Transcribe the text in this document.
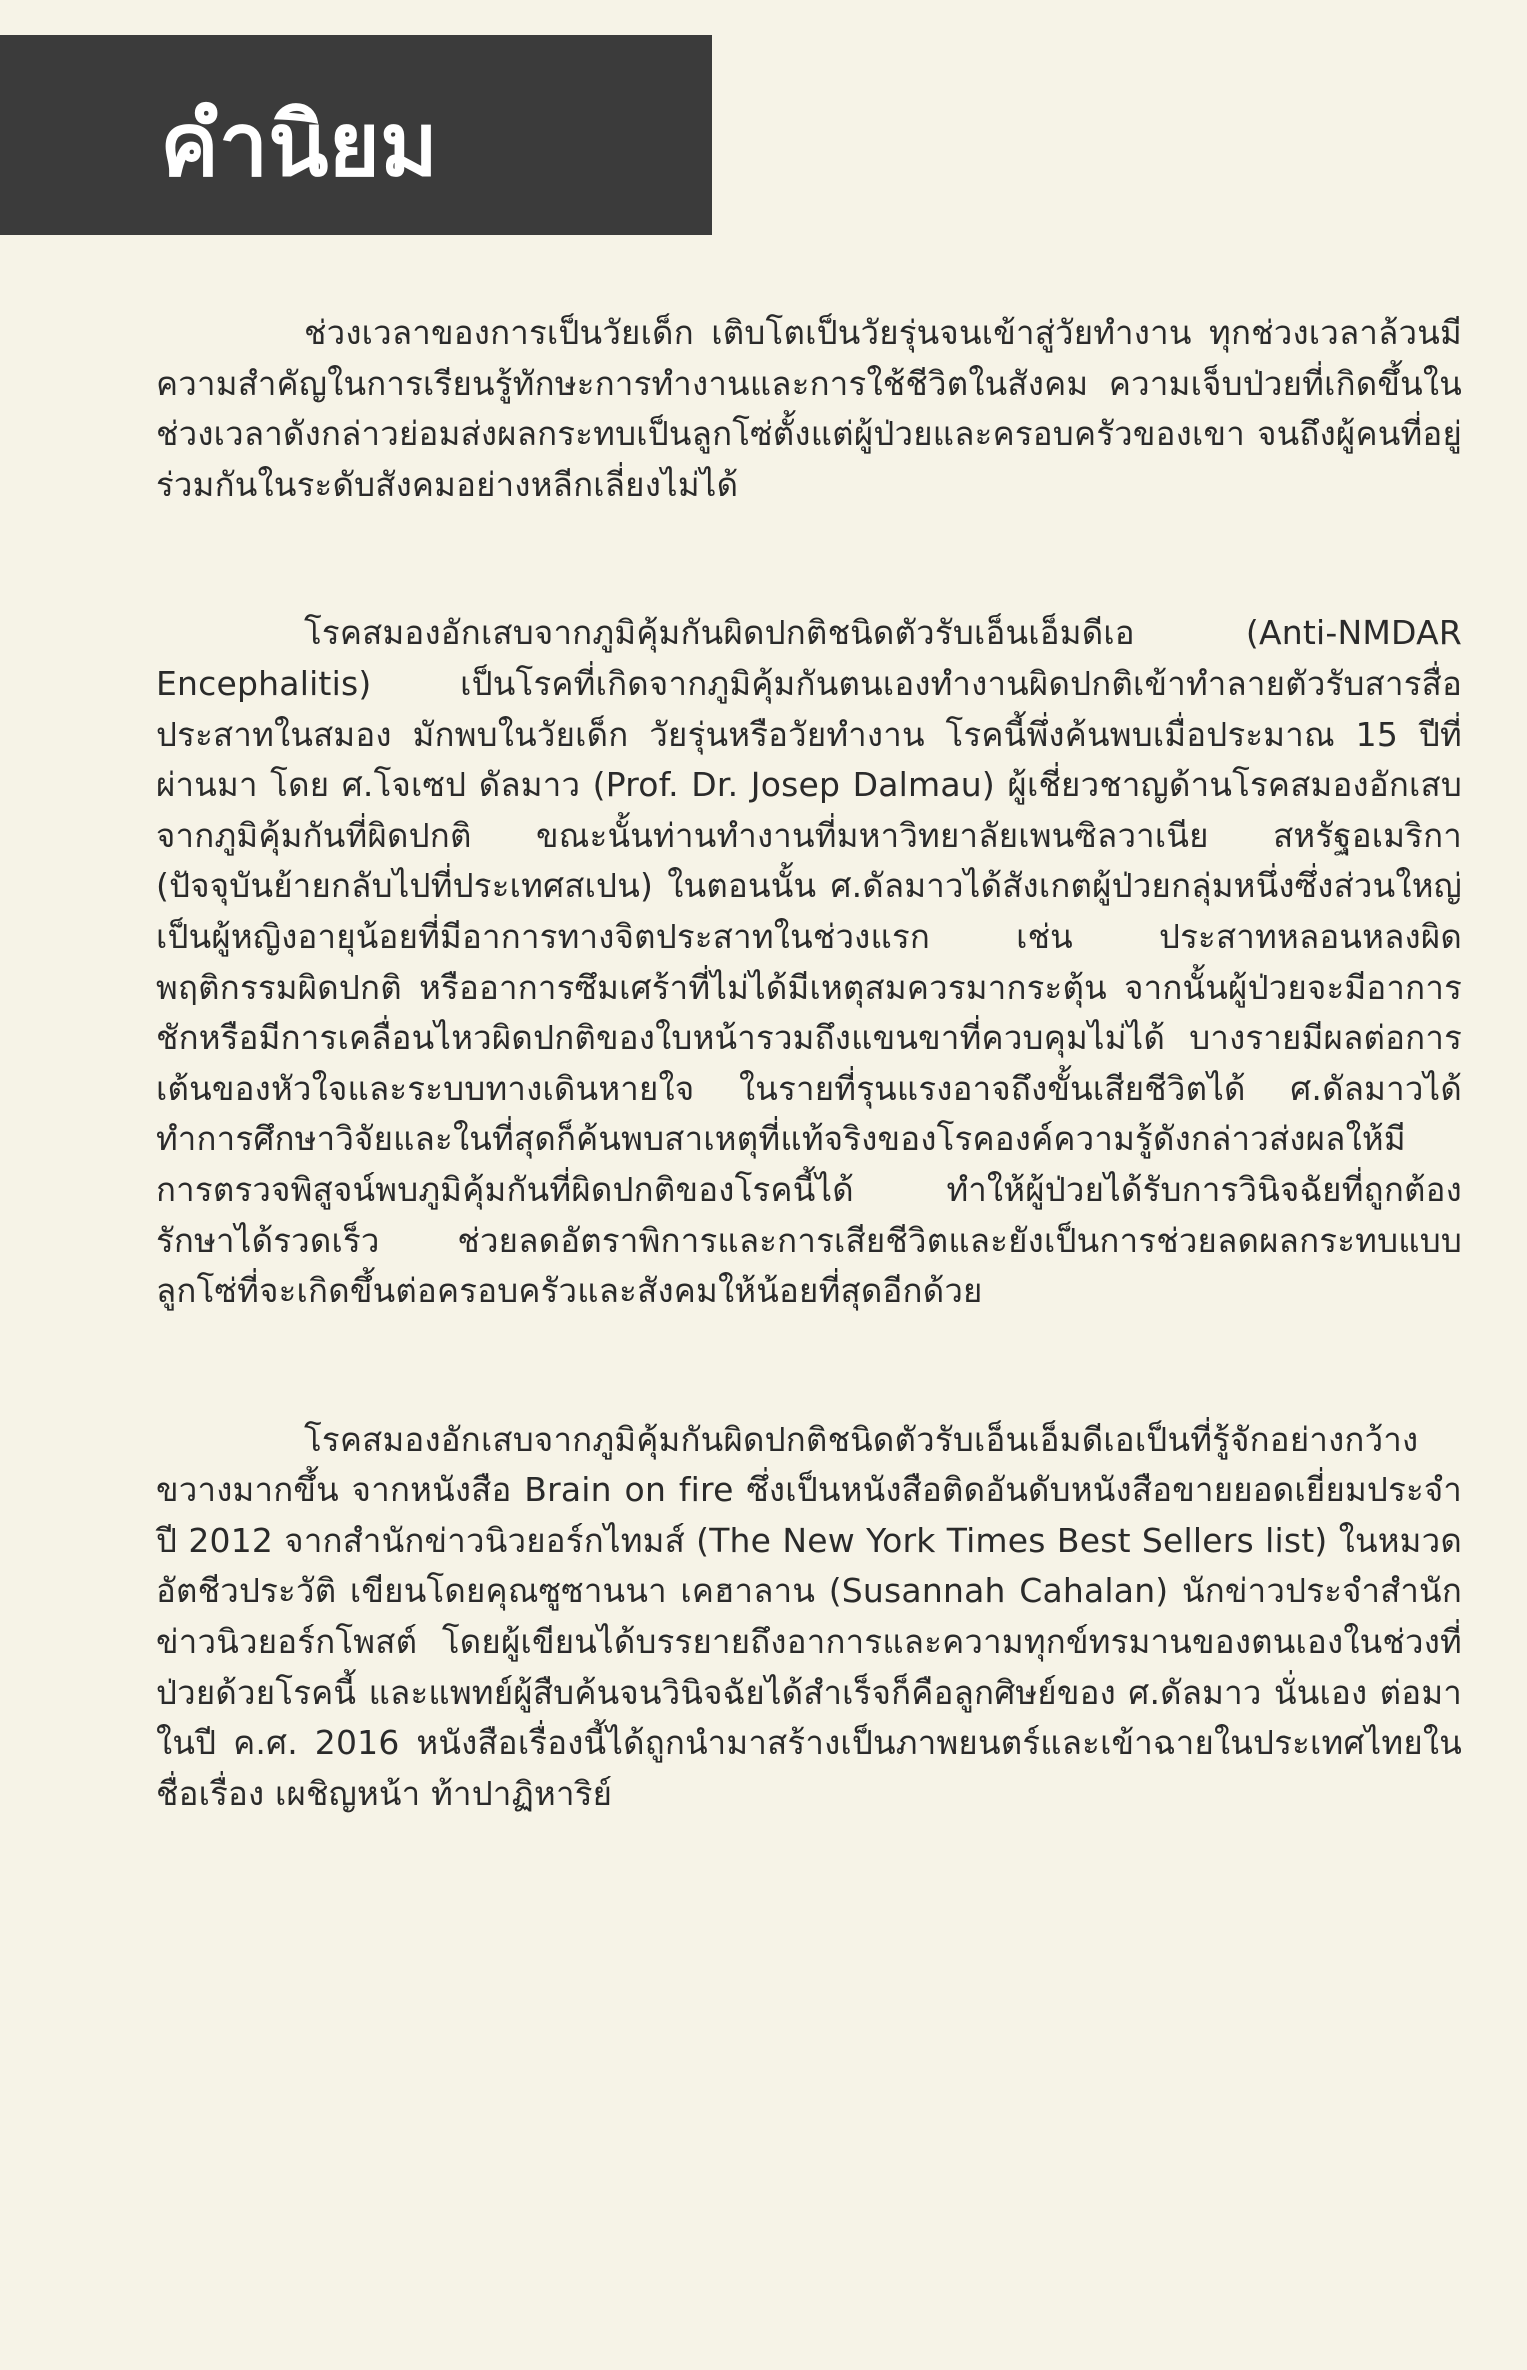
คำนิยม

ช่วงเวลาของการเป็นวัยเด็ก เติบโตเป็นวัยรุ่นจนเข้าสู่วัยทำงาน ทุกช่วงเวลาล้วนมีความสำคัญในการเรียนรู้ทักษะการทำงานและการใช้ชีวิตในสังคม ความเจ็บป่วยที่เกิดขึ้นในช่วงเวลาดังกล่าวย่อมส่งผลกระทบเป็นลูกโซ่ตั้งแต่ผู้ป่วยและครอบครัวของเขา จนถึงผู้คนที่อยู่ร่วมกันในระดับสังคมอย่างหลีกเลี่ยงไม่ได้

โรคสมองอักเสบจากภูมิคุ้มกันผิดปกติชนิดตัวรับเอ็นเอ็มดีเอ (Anti-NMDAR Encephalitis) เป็นโรคที่เกิดจากภูมิคุ้มกันตนเองทำงานผิดปกติเข้าทำลายตัวรับสารสื่อประสาทในสมอง มักพบในวัยเด็ก วัยรุ่นหรือวัยทำงาน โรคนี้พึ่งค้นพบเมื่อประมาณ 15 ปีที่ผ่านมา โดย ศ.โจเซป ดัลมาว (Prof. Dr. Josep Dalmau) ผู้เชี่ยวชาญด้านโรคสมองอักเสบจากภูมิคุ้มกันที่ผิดปกติ ขณะนั้นท่านทำงานที่มหาวิทยาลัยเพนซิลวาเนีย สหรัฐอเมริกา (ปัจจุบันย้ายกลับไปที่ประเทศสเปน) ในตอนนั้น ศ.ดัลมาวได้สังเกตผู้ป่วยกลุ่มหนึ่งซึ่งส่วนใหญ่เป็นผู้หญิงอายุน้อยที่มีอาการทางจิตประสาทในช่วงแรก เช่น ประสาทหลอนหลงผิด พฤติกรรมผิดปกติ หรืออาการซึมเศร้าที่ไม่ได้มีเหตุสมควรมากระตุ้น จากนั้นผู้ป่วยจะมีอาการชักหรือมีการเคลื่อนไหวผิดปกติของใบหน้ารวมถึงแขนขาที่ควบคุมไม่ได้ บางรายมีผลต่อการเต้นของหัวใจและระบบทางเดินหายใจ ในรายที่รุนแรงอาจถึงขั้นเสียชีวิตได้ ศ.ดัลมาวได้ทำการศึกษาวิจัยและในที่สุดก็ค้นพบสาเหตุที่แท้จริงของโรคองค์ความรู้ดังกล่าวส่งผลให้มีการตรวจพิสูจน์พบภูมิคุ้มกันที่ผิดปกติของโรคนี้ได้ ทำให้ผู้ป่วยได้รับการวินิจฉัยที่ถูกต้อง รักษาได้รวดเร็ว ช่วยลดอัตราพิการและการเสียชีวิตและยังเป็นการช่วยลดผลกระทบแบบลูกโซ่ที่จะเกิดขึ้นต่อครอบครัวและสังคมให้น้อยที่สุดอีกด้วย

โรคสมองอักเสบจากภูมิคุ้มกันผิดปกติชนิดตัวรับเอ็นเอ็มดีเอเป็นที่รู้จักอย่างกว้างขวางมากขึ้น จากหนังสือ Brain on fire ซึ่งเป็นหนังสือติดอันดับหนังสือขายยอดเยี่ยมประจำปี 2012 จากสำนักข่าวนิวยอร์กไทมส์ (The New York Times Best Sellers list) ในหมวดอัตชีวประวัติ เขียนโดยคุณซูซานนา เคฮาลาน (Susannah Cahalan) นักข่าวประจำสำนักข่าวนิวยอร์กโพสต์ โดยผู้เขียนได้บรรยายถึงอาการและความทุกข์ทรมานของตนเองในช่วงที่ป่วยด้วยโรคนี้ และแพทย์ผู้สืบค้นจนวินิจฉัยได้สำเร็จก็คือลูกศิษย์ของ ศ.ดัลมาว นั่นเอง ต่อมาในปี ค.ศ. 2016 หนังสือเรื่องนี้ได้ถูกนำมาสร้างเป็นภาพยนตร์และเข้าฉายในประเทศไทยในชื่อเรื่อง เผชิญหน้า ท้าปาฏิหาริย์
